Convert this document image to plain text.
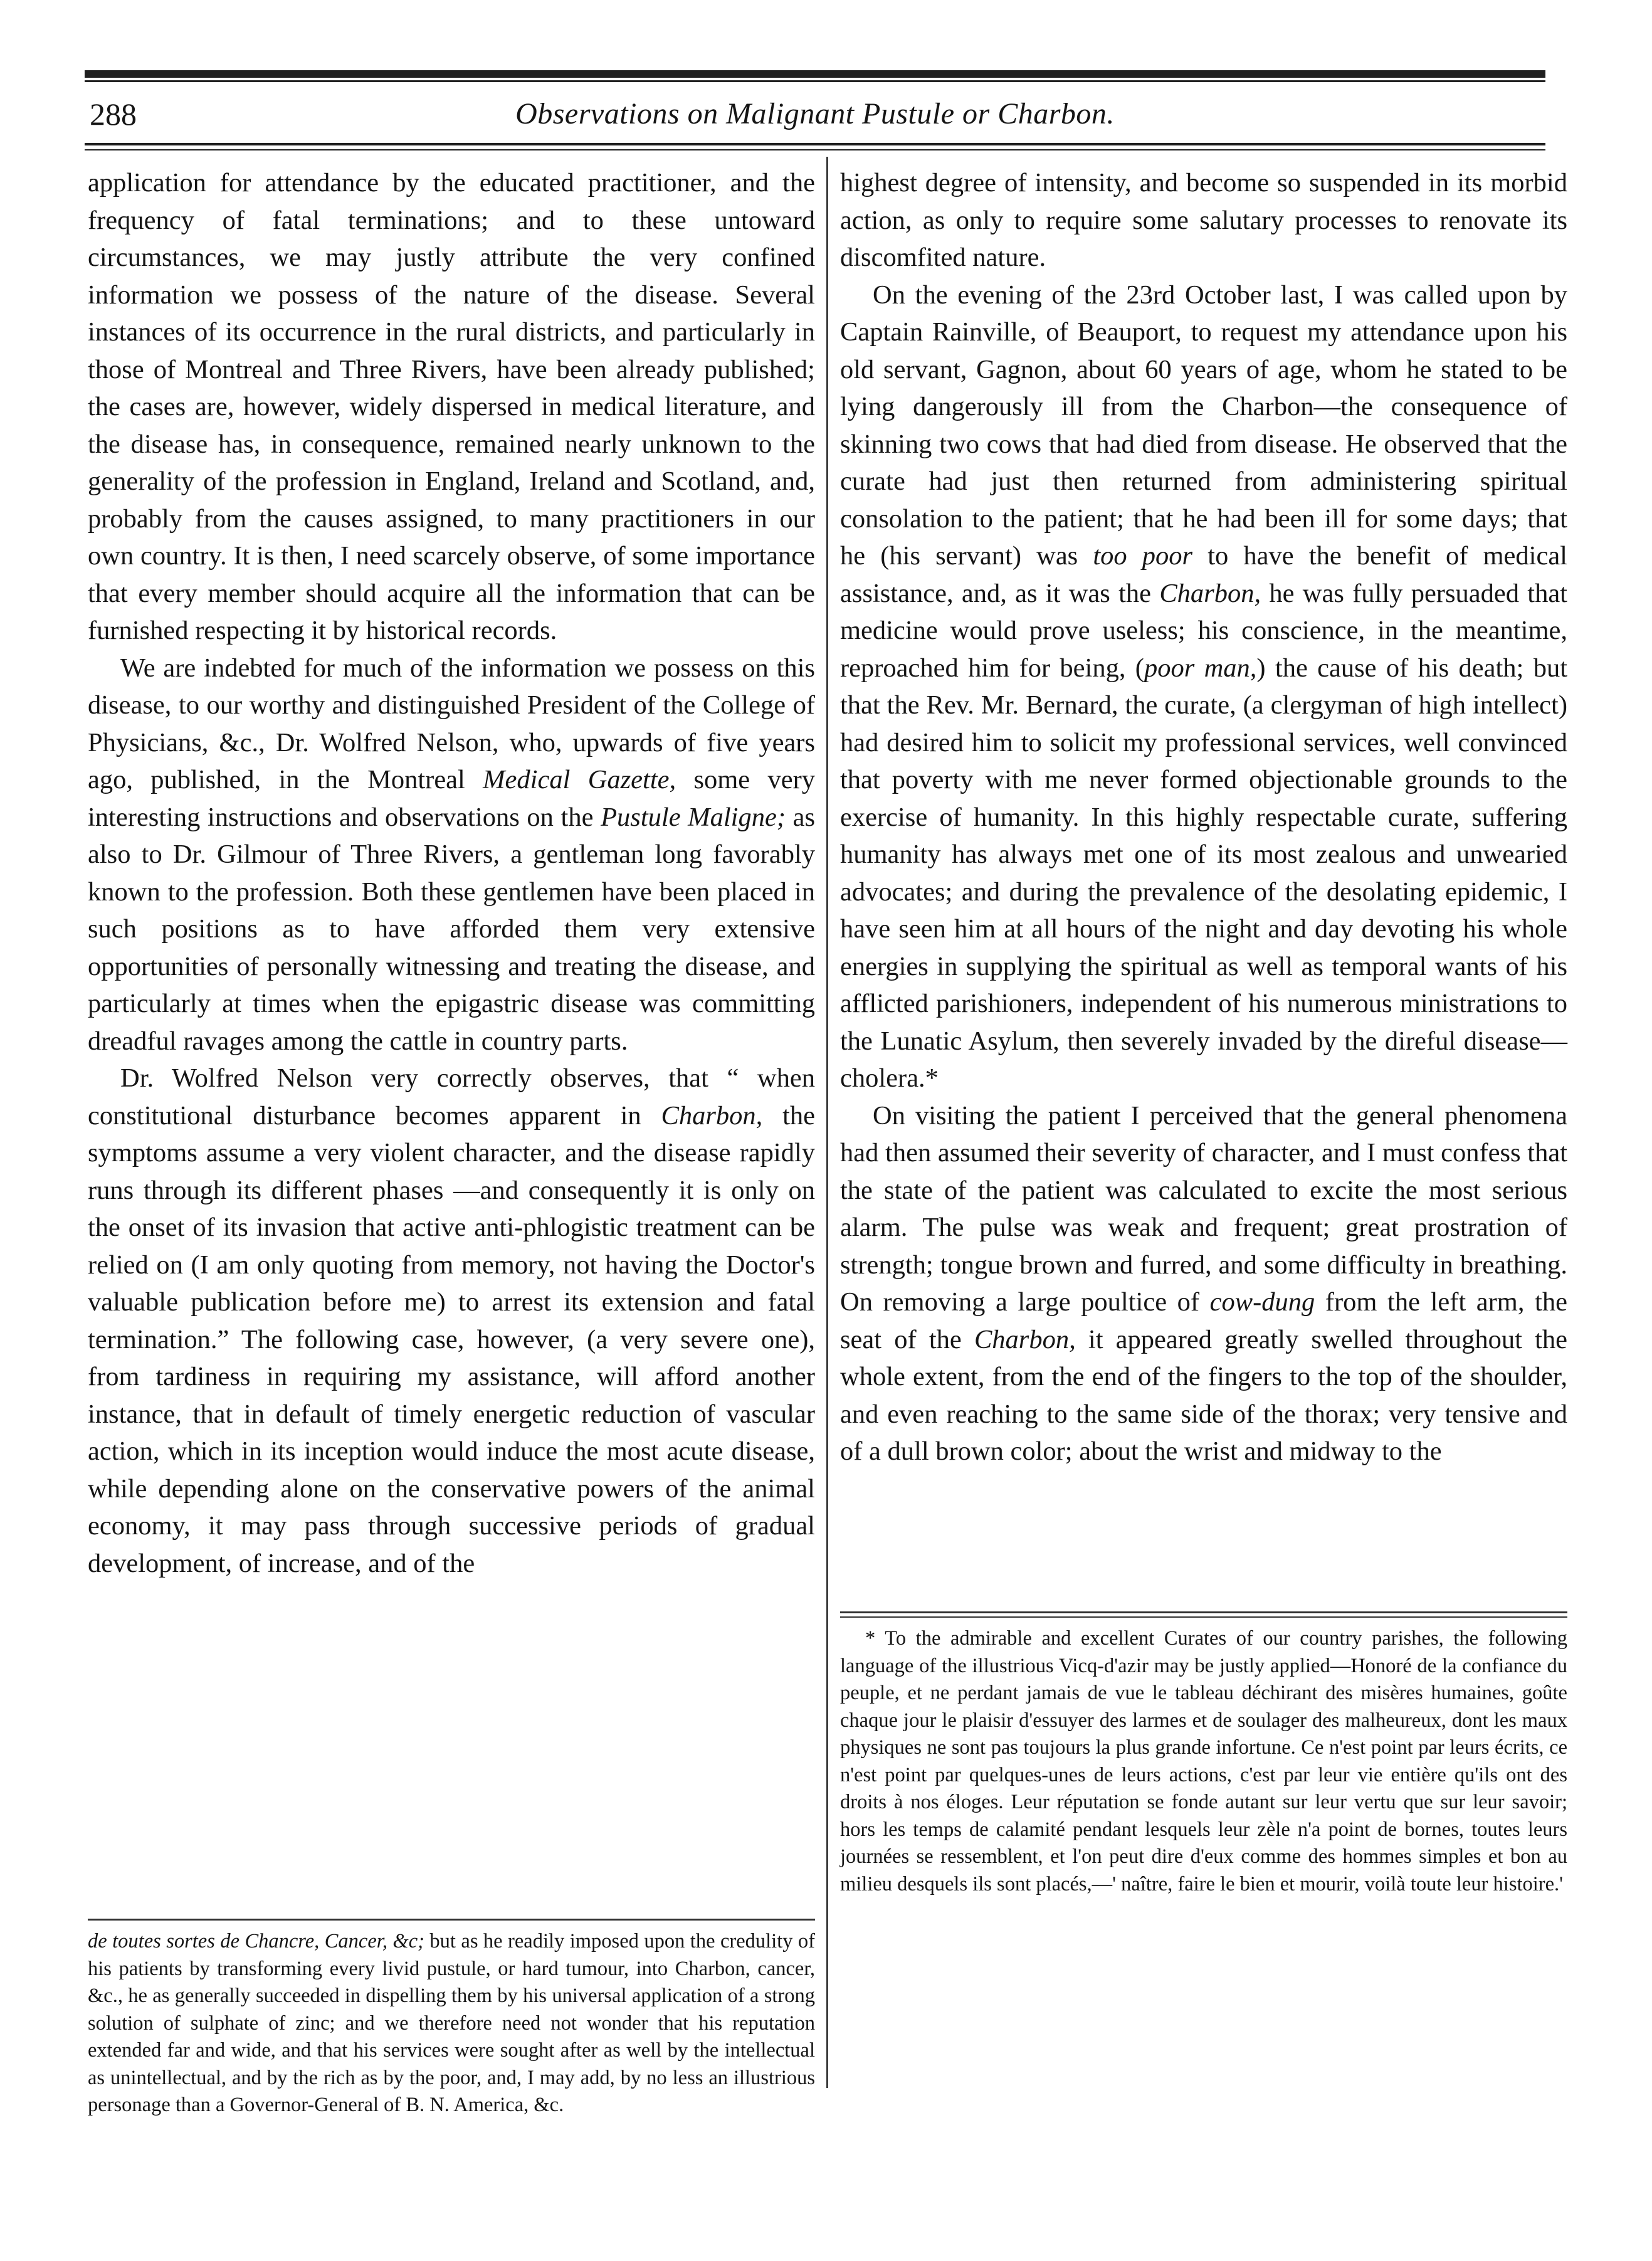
288	Observations on Malignant Pustule or Charbon.

application for attendance by the educated practitioner, and the frequency of fatal terminations; and to these untoward circumstances, we may justly attribute the very confined information we possess of the nature of the disease. Several instances of its occurrence in the rural districts, and particularly in those of Montreal and Three Rivers, have been already published; the cases are, however, widely dispersed in medical literature, and the disease has, in consequence, remained nearly unknown to the generality of the profession in England, Ireland and Scotland, and, probably from the causes assigned, to many practitioners in our own country. It is then, I need scarcely observe, of some importance that every member should acquire all the information that can be furnished respecting it by historical records.

We are indebted for much of the information we possess on this disease, to our worthy and distinguished President of the College of Physicians, &c., Dr. Wolfred Nelson, who, upwards of five years ago, published, in the Montreal Medical Gazette, some very interesting instructions and observations on the Pustule Maligne; as also to Dr. Gilmour of Three Rivers, a gentleman long favorably known to the profession. Both these gentlemen have been placed in such positions as to have afforded them very extensive opportunities of personally witnessing and treating the disease, and particularly at times when the epigastric disease was committing dreadful ravages among the cattle in country parts.

Dr. Wolfred Nelson very correctly observes, that “ when constitutional disturbance becomes apparent in Charbon, the symptoms assume a very violent character, and the disease rapidly runs through its different phases —and consequently it is only on the onset of its invasion that active anti-phlogistic treatment can be relied on (I am only quoting from memory, not having the Doctor's valuable publication before me) to arrest its extension and fatal termination.” The following case, however, (a very severe one), from tardiness in requiring my assistance, will afford another instance, that in default of timely energetic reduction of vascular action, which in its inception would induce the most acute disease, while depending alone on the conservative powers of the animal economy, it may pass through successive periods of gradual development, of increase, and of the

highest degree of intensity, and become so suspended in its morbid action, as only to require some salutary processes to renovate its discomfited nature.

On the evening of the 23rd October last, I was called upon by Captain Rainville, of Beauport, to request my attendance upon his old servant, Gagnon, about 60 years of age, whom he stated to be lying dangerously ill from the Charbon—the consequence of skinning two cows that had died from disease. He observed that the curate had just then returned from administering spiritual consolation to the patient; that he had been ill for some days; that he (his servant) was too poor to have the benefit of medical assistance, and, as it was the Charbon, he was fully persuaded that medicine would prove useless; his conscience, in the meantime, reproached him for being, (poor man,) the cause of his death; but that the Rev. Mr. Bernard, the curate, (a clergyman of high intellect) had desired him to solicit my professional services, well convinced that poverty with me never formed objectionable grounds to the exercise of humanity. In this highly respectable curate, suffering humanity has always met one of its most zealous and unwearied advocates; and during the prevalence of the desolating epidemic, I have seen him at all hours of the night and day devoting his whole energies in supplying the spiritual as well as temporal wants of his afflicted parishioners, independent of his numerous ministrations to the Lunatic Asylum, then severely invaded by the direful disease—cholera.*

On visiting the patient I perceived that the general phenomena had then assumed their severity of character, and I must confess that the state of the patient was calculated to excite the most serious alarm. The pulse was weak and frequent; great prostration of strength; tongue brown and furred, and some difficulty in breathing. On removing a large poultice of cow-dung from the left arm, the seat of the Charbon, it appeared greatly swelled throughout the whole extent, from the end of the fingers to the top of the shoulder, and even reaching to the same side of the thorax; very tensive and of a dull brown color; about the wrist and midway to the

de toutes sortes de Chancre, Cancer, &c; but as he readily imposed upon the credulity of his patients by transforming every livid pustule, or hard tumour, into Charbon, cancer, &c., he as generally succeeded in dispelling them by his universal application of a strong solution of sulphate of zinc; and we therefore need not wonder that his reputation extended far and wide, and that his services were sought after as well by the intellectual as unintellectual, and by the rich as by the poor, and, I may add, by no less an illustrious personage than a Governor-General of B. N. America, &c.

* To the admirable and excellent Curates of our country parishes, the following language of the illustrious Vicq-d'azir may be justly applied—Honoré de la confiance du peuple, et ne perdant jamais de vue le tableau déchirant des misères humaines, goûte chaque jour le plaisir d'essuyer des larmes et de soulager des malheureux, dont les maux physiques ne sont pas toujours la plus grande infortune. Ce n'est point par leurs écrits, ce n'est point par quelques-unes de leurs actions, c'est par leur vie entière qu'ils ont des droits à nos éloges. Leur réputation se fonde autant sur leur vertu que sur leur savoir; hors les temps de calamité pendant lesquels leur zèle n'a point de bornes, toutes leurs journées se ressemblent, et l'on peut dire d'eux comme des hommes simples et bon au milieu desquels ils sont placés,—' naître, faire le bien et mourir, voilà toute leur histoire.'
